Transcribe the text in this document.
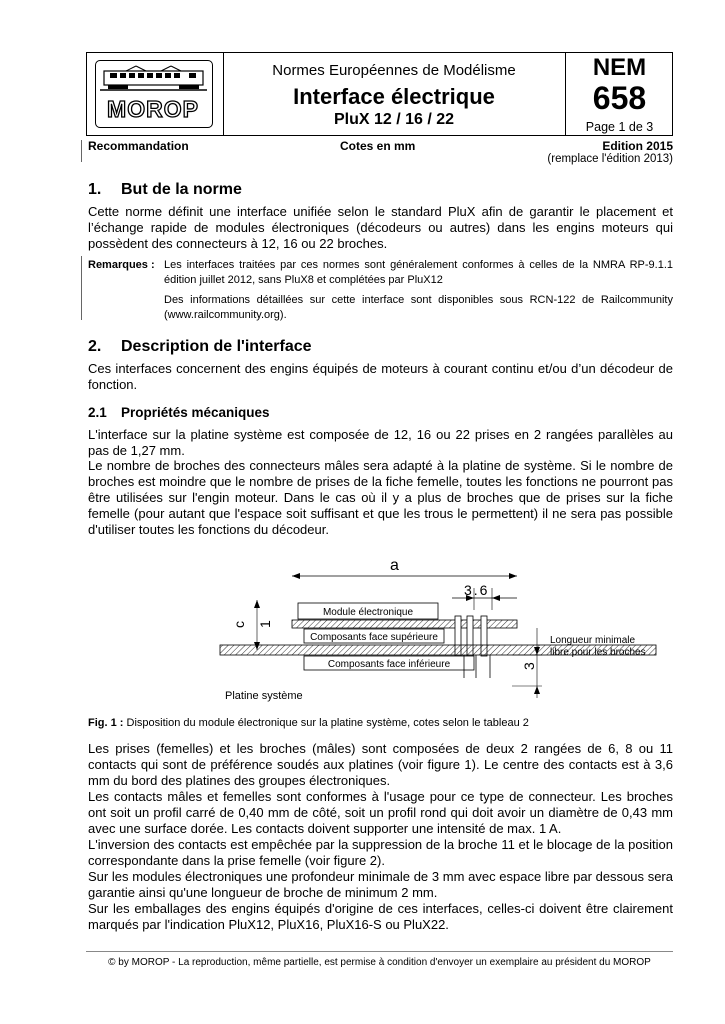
MOROP
Normes Européennes de Modélisme
Interface électrique
PluX 12 / 16 / 22
NEM
658
Page 1 de 3
Recommandation	Cotes en mm	Edition 2015
(remplace l'édition 2013)
1. But de la norme
Cette norme définit une interface unifiée selon le standard PluX afin de garantir le placement et l’échange rapide de modules électroniques (décodeurs ou autres) dans les engins moteurs qui possèdent des connecteurs à 12, 16 ou 22 broches.
Remarques : Les interfaces traitées par ces normes sont généralement conformes à celles de la NMRA RP-9.1.1 édition juillet 2012, sans PluX8 et complétées par PluX12
Des informations détaillées sur cette interface sont disponibles sous RCN-122 de Railcommunity (www.railcommunity.org).
2. Description de l'interface
Ces interfaces concernent des engins équipés de moteurs à courant continu et/ou d’un décodeur de fonction.
2.1 Propriétés mécaniques
L'interface sur la platine système est composée de 12, 16 ou 22 prises en 2 rangées parallèles au pas de 1,27 mm.
Le nombre de broches des connecteurs mâles sera adapté à la platine de système. Si le nombre de broches est moindre que le nombre de prises de la fiche femelle, toutes les fonctions ne pourront pas être utilisées sur l'engin moteur. Dans le cas où il y a plus de broches que de prises sur la fiche femelle (pour autant que l'espace soit suffisant et que les trous le permettent) il ne sera pas possible d'utiliser toutes les fonctions du décodeur.
a
3.6
c 1
Module électronique
Composants face supérieure
Composants face inférieure	3
Longueur minimale
libre pour les broches
Platine système
Fig. 1 : Disposition du module électronique sur la platine système, cotes selon le tableau 2
Les prises (femelles) et les broches (mâles) sont composées de deux 2 rangées de 6, 8 ou 11 contacts qui sont de préférence soudés aux platines (voir figure 1). Le centre des contacts est à 3,6 mm du bord des platines des groupes électroniques.
Les contacts mâles et femelles sont conformes à l'usage pour ce type de connecteur. Les broches ont soit un profil carré de 0,40 mm de côté, soit un profil rond qui doit avoir un diamètre de 0,43 mm avec une surface dorée. Les contacts doivent supporter une intensité de max. 1 A.
L'inversion des contacts est empêchée par la suppression de la broche 11 et le blocage de la position correspondante dans la prise femelle (voir figure 2).
Sur les modules électroniques une profondeur minimale de 3 mm avec espace libre par dessous sera garantie ainsi qu'une longueur de broche de minimum 2 mm.
Sur les emballages des engins équipés d'origine de ces interfaces, celles-ci doivent être clairement marqués par l'indication PluX12, PluX16, PluX16-S ou PluX22.
© by MOROP - La reproduction, même partielle, est permise à condition d'envoyer un exemplaire au président du MOROP
